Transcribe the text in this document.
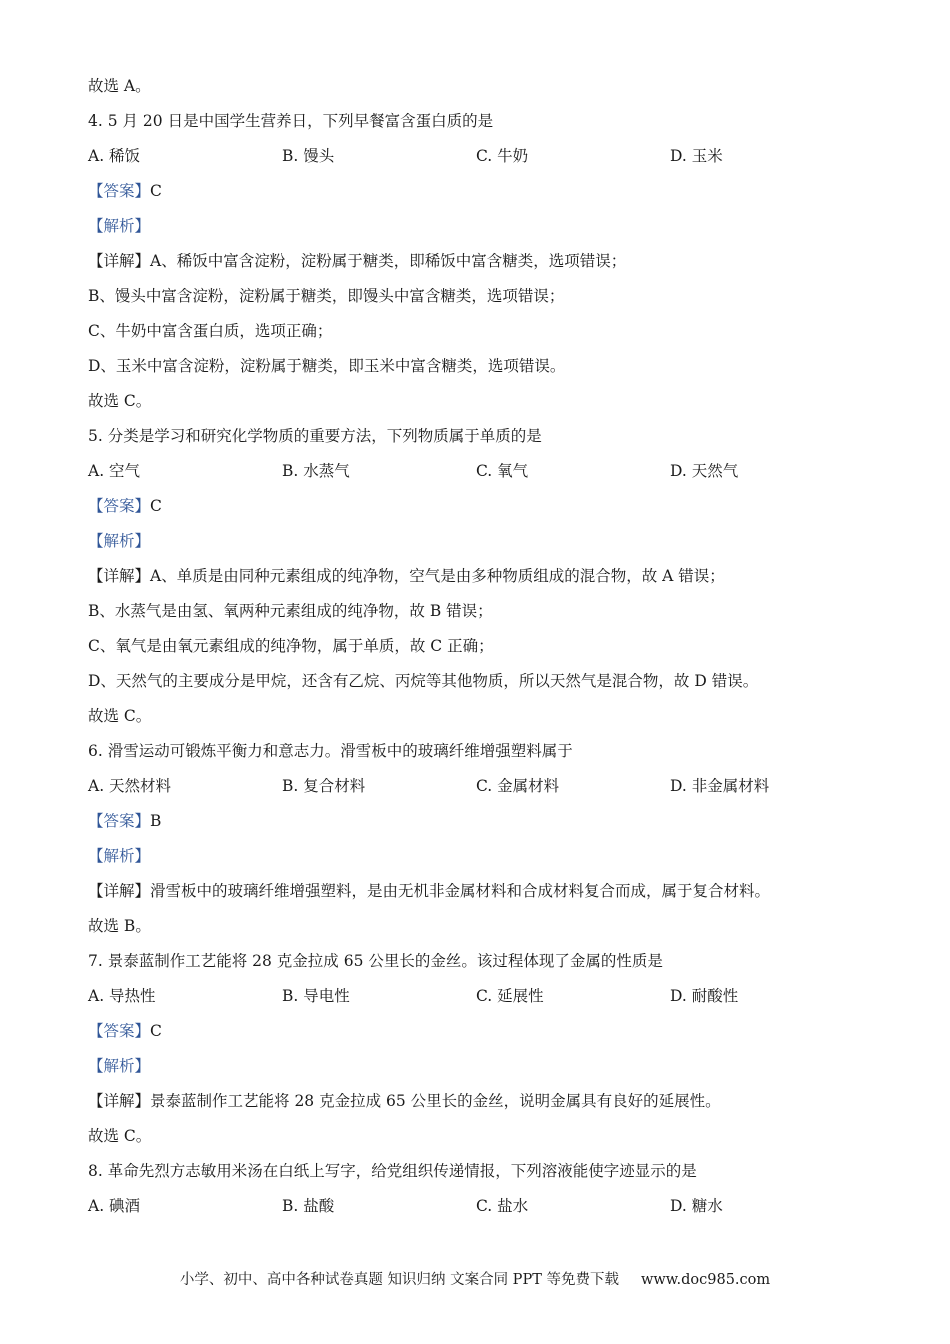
故选 A。
4. 5 月 20 日是中国学生营养日，下列早餐富含蛋白质的是
A. 稀饭	B. 馒头	C. 牛奶	D. 玉米
【答案】C
【解析】
【详解】A、稀饭中富含淀粉，淀粉属于糖类，即稀饭中富含糖类，选项错误；
B、馒头中富含淀粉，淀粉属于糖类，即馒头中富含糖类，选项错误；
C、牛奶中富含蛋白质，选项正确；
D、玉米中富含淀粉，淀粉属于糖类，即玉米中富含糖类，选项错误。
故选 C。
5. 分类是学习和研究化学物质的重要方法，下列物质属于单质的是
A. 空气	B. 水蒸气	C. 氧气	D. 天然气
【答案】C
【解析】
【详解】A、单质是由同种元素组成的纯净物，空气是由多种物质组成的混合物，故 A 错误；
B、水蒸气是由氢、氧两种元素组成的纯净物，故 B 错误；
C、氧气是由氧元素组成的纯净物，属于单质，故 C 正确；
D、天然气的主要成分是甲烷，还含有乙烷、丙烷等其他物质，所以天然气是混合物，故 D 错误。
故选 C。
6. 滑雪运动可锻炼平衡力和意志力。滑雪板中的玻璃纤维增强塑料属于
A. 天然材料	B. 复合材料	C. 金属材料	D. 非金属材料
【答案】B
【解析】
【详解】滑雪板中的玻璃纤维增强塑料，是由无机非金属材料和合成材料复合而成，属于复合材料。
故选 B。
7. 景泰蓝制作工艺能将 28 克金拉成 65 公里长的金丝。该过程体现了金属的性质是
A. 导热性	B. 导电性	C. 延展性	D. 耐酸性
【答案】C
【解析】
【详解】景泰蓝制作工艺能将 28 克金拉成 65 公里长的金丝，说明金属具有良好的延展性。
故选 C。
8. 革命先烈方志敏用米汤在白纸上写字，给党组织传递情报，下列溶液能使字迹显示的是
A. 碘酒	B. 盐酸	C. 盐水	D. 糖水
小学、初中、高中各种试卷真题 知识归纳 文案合同 PPT 等免费下载 www.doc985.com
